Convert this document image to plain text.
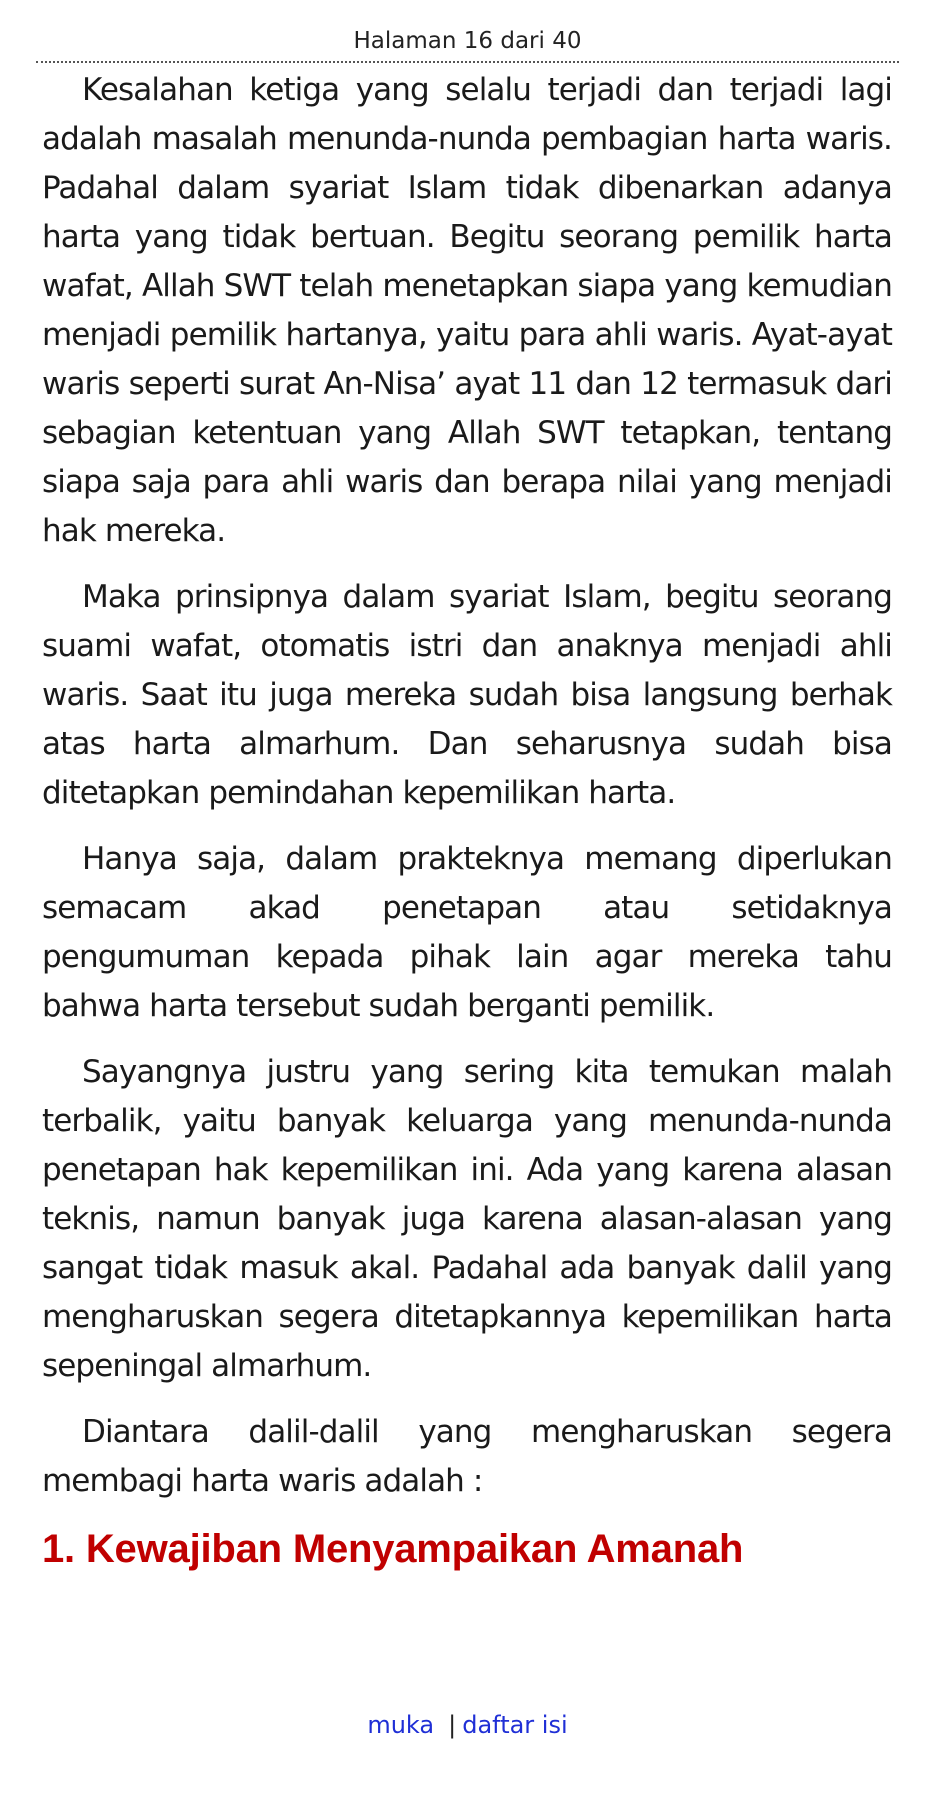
Halaman 16 dari 40

Kesalahan ketiga yang selalu terjadi dan terjadi lagi adalah masalah menunda-nunda pembagian harta waris. Padahal dalam syariat Islam tidak dibenarkan adanya harta yang tidak bertuan. Begitu seorang pemilik harta wafat, Allah SWT telah menetapkan siapa yang kemudian menjadi pemilik hartanya, yaitu para ahli waris. Ayat-ayat waris seperti surat An-Nisa’ ayat 11 dan 12 termasuk dari sebagian ketentuan yang Allah SWT tetapkan, tentang siapa saja para ahli waris dan berapa nilai yang menjadi hak mereka.

Maka prinsipnya dalam syariat Islam, begitu seorang suami wafat, otomatis istri dan anaknya menjadi ahli waris. Saat itu juga mereka sudah bisa langsung berhak atas harta almarhum. Dan seharusnya sudah bisa ditetapkan pemindahan kepemilikan harta.

Hanya saja, dalam prakteknya memang diperlukan semacam akad penetapan atau setidaknya pengumuman kepada pihak lain agar mereka tahu bahwa harta tersebut sudah berganti pemilik.

Sayangnya justru yang sering kita temukan malah terbalik, yaitu banyak keluarga yang menunda-nunda penetapan hak kepemilikan ini. Ada yang karena alasan teknis, namun banyak juga karena alasan-alasan yang sangat tidak masuk akal. Padahal ada banyak dalil yang mengharuskan segera ditetapkannya kepemilikan harta sepeningal almarhum.

Diantara dalil-dalil yang mengharuskan segera membagi harta waris adalah :

1. Kewajiban Menyampaikan Amanah
muka | daftar isi
